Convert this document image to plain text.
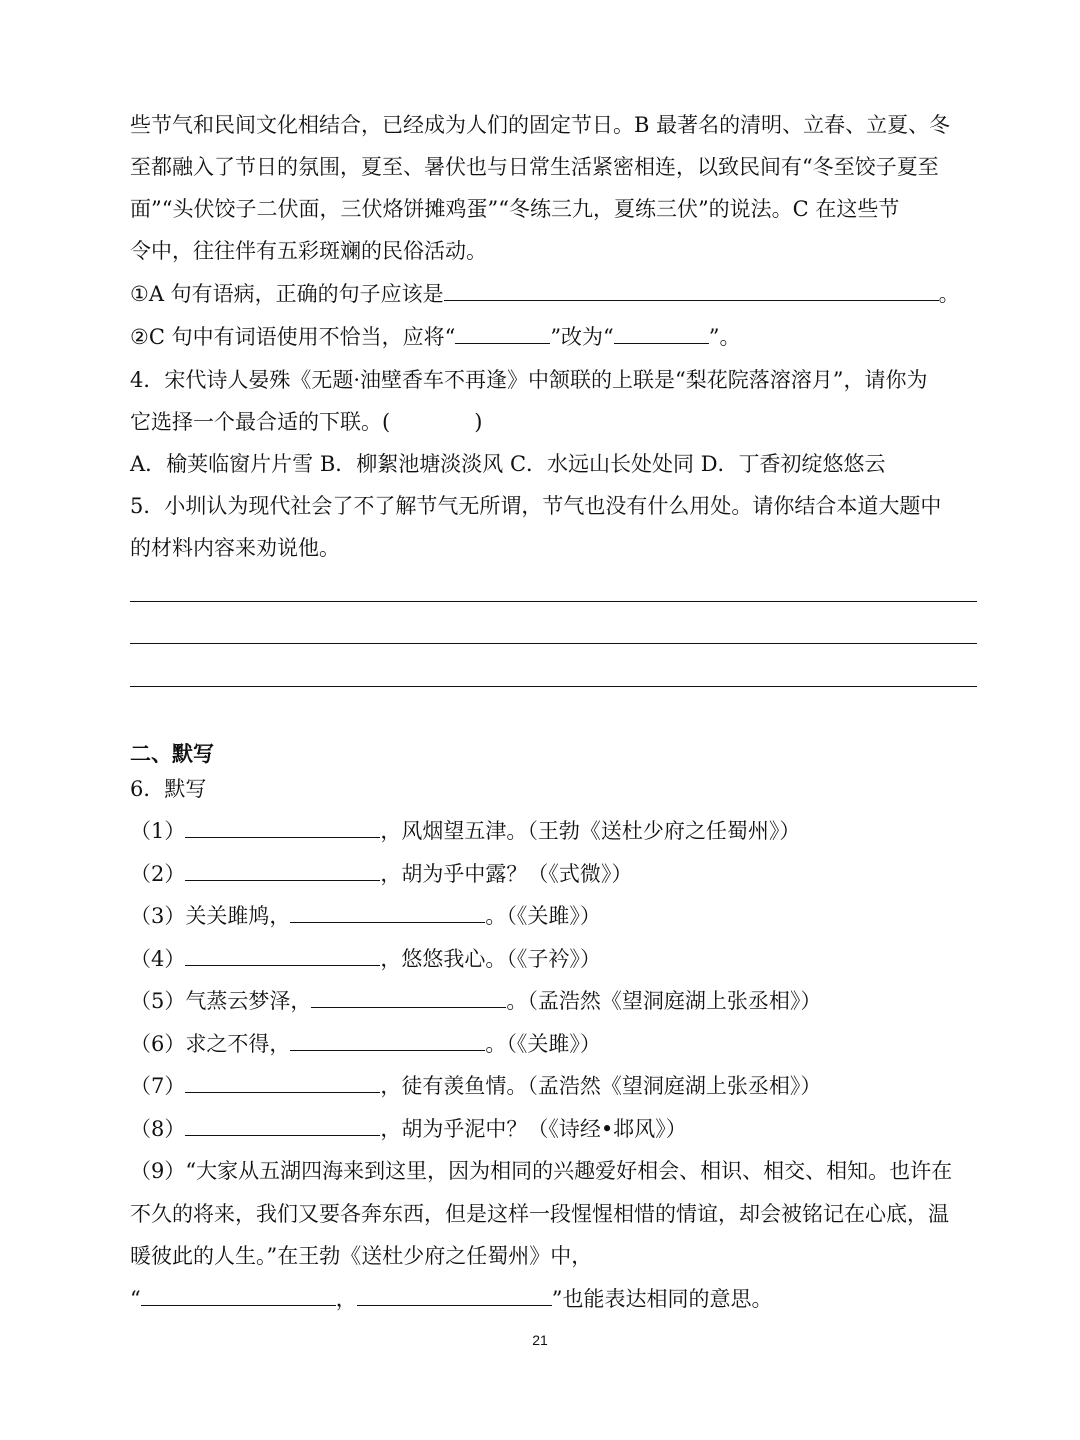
些节气和民间文化相结合，已经成为人们的固定节日。B 最著名的清明、立春、立夏、冬
至都融入了节日的氛围，夏至、暑伏也与日常生活紧密相连，以致民间有“冬至饺子夏至
面”“头伏饺子二伏面，三伏烙饼摊鸡蛋”“冬练三九，夏练三伏”的说法。C 在这些节
令中，往往伴有五彩斑斓的民俗活动。
①A 句有语病，正确的句子应该是	。
②C 句中有词语使用不恰当，应将“	”改为“	”。
4．宋代诗人晏殊《无题·油壁香车不再逢》中颔联的上联是“梨花院落溶溶月”，请你为
它选择一个最合适的下联。(　　　　)
A．榆荚临窗片片雪 B．柳絮池塘淡淡风 C．水远山长处处同 D．丁香初绽悠悠云
5．小圳认为现代社会了不了解节气无所谓，节气也没有什么用处。请你结合本道大题中
的材料内容来劝说他。
二、默写
6．默写
（1）	，风烟望五津。（王勃《送杜少府之任蜀州》）
（2）	，胡为乎中露？（《式微》）
（3）关关雎鸠，	。（《关雎》）
（4）	，悠悠我心。（《子衿》）
（5）气蒸云梦泽，	。（孟浩然《望洞庭湖上张丞相》）
（6）求之不得，	。（《关雎》）
（7）	，徒有羡鱼情。（孟浩然《望洞庭湖上张丞相》）
（8）	，胡为乎泥中？（《诗经•邶风》）
（9）“大家从五湖四海来到这里，因为相同的兴趣爱好相会、相识、相交、相知。也许在
不久的将来，我们又要各奔东西，但是这样一段惺惺相惜的情谊，却会被铭记在心底，温
暖彼此的人生。”在王勃《送杜少府之任蜀州》中，
“	，	”也能表达相同的意思。
21
